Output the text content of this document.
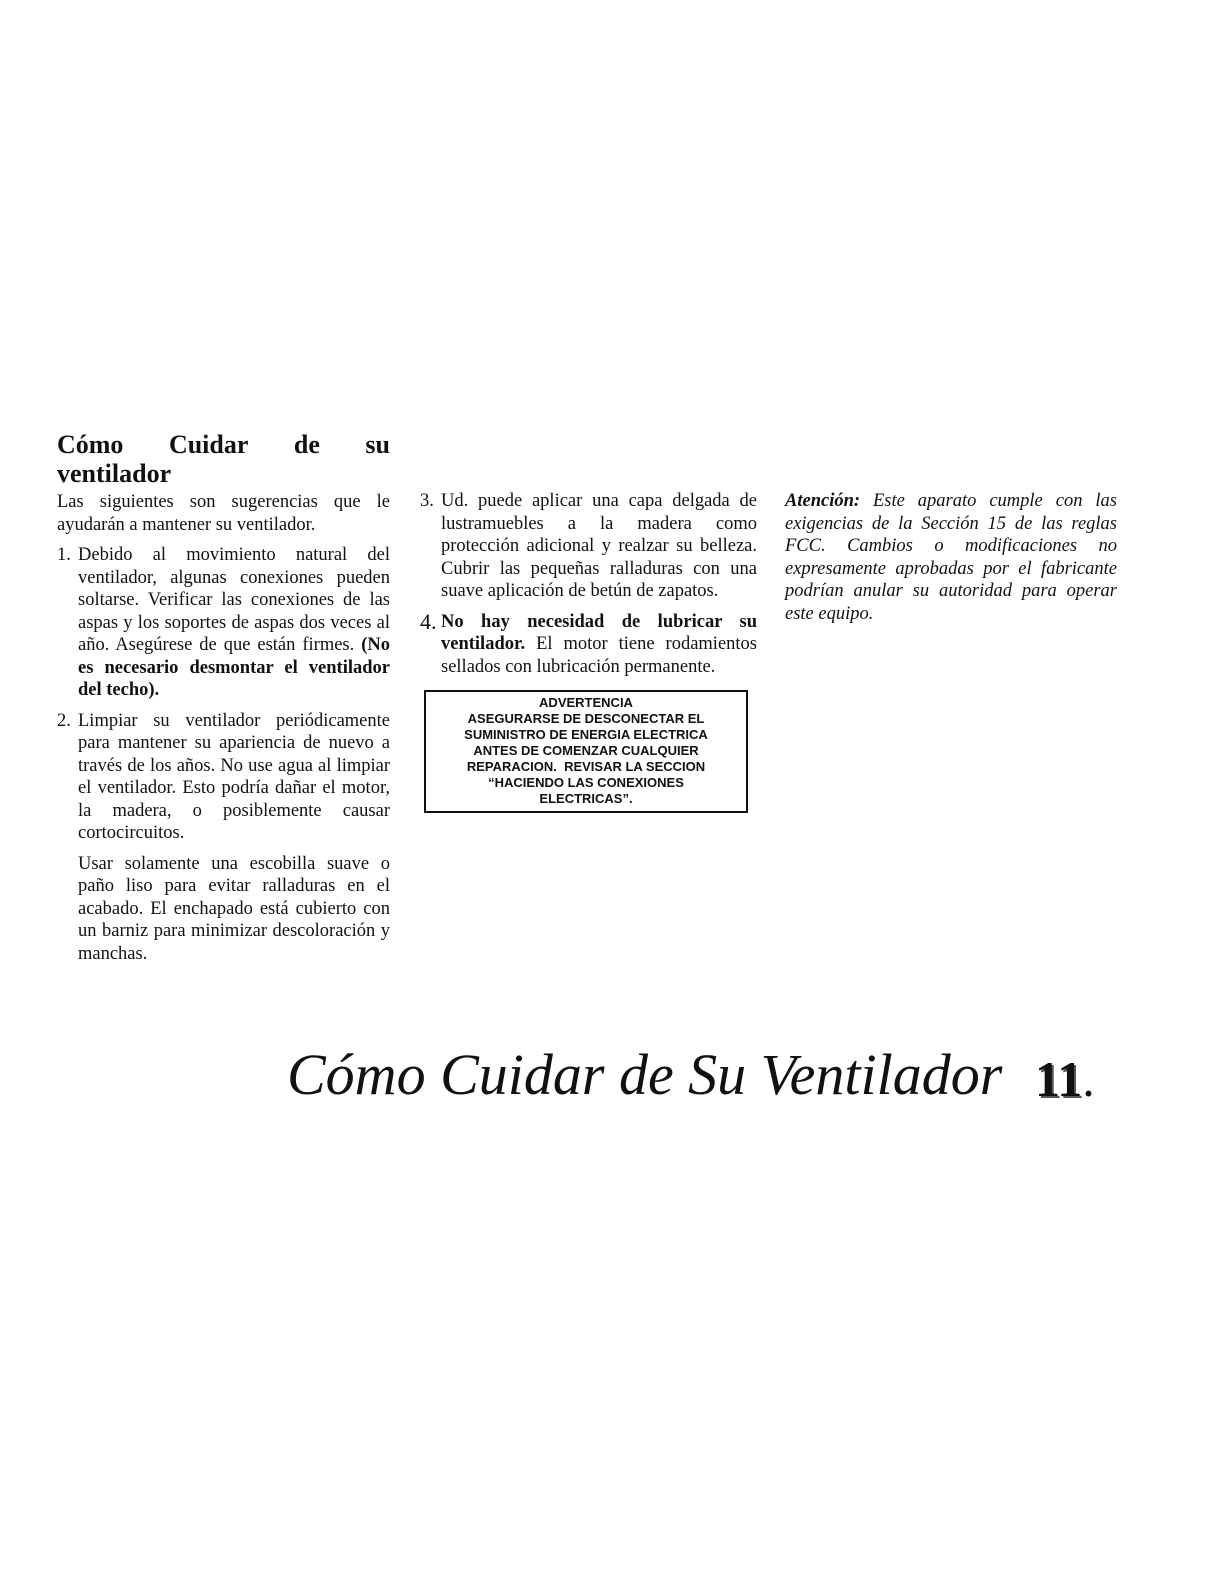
Cómo Cuidar de su
ventilador

Las siguientes son sugerencias que le ayudarán a mantener su ventilador.

1. Debido al movimiento natural del ventilador, algunas conexiones pueden soltarse. Verificar las conexiones de las aspas y los soportes de aspas dos veces al año. Asegúrese de que están firmes. (No es necesario desmontar el ventilador del techo).
2. Limpiar su ventilador periódicamente para mantener su apariencia de nuevo a través de los años. No use agua al limpiar el ventilador. Esto podría dañar el motor, la madera, o posiblemente causar cortocircuitos.
Usar solamente una escobilla suave o paño liso para evitar ralladuras en el acabado. El enchapado está cubierto con un barniz para minimizar descoloración y manchas.
3. Ud. puede aplicar una capa delgada de lustramuebles a la madera como protección adicional y realzar su belleza. Cubrir las pequeñas ralladuras con una suave aplicación de betún de zapatos.
4. No hay necesidad de lubricar su ventilador. El motor tiene rodamientos sellados con lubricación permanente.
ADVERTENCIA
ASEGURARSE DE DESCONECTAR EL
SUMINISTRO DE ENERGIA ELECTRICA
ANTES DE COMENZAR CUALQUIER
REPARACION.  REVISAR LA SECCION
“HACIENDO LAS CONEXIONES
ELECTRICAS”.

Atención: Este aparato cumple con las exigencias de la Sección 15 de las reglas FCC. Cambios o modificaciones no expresamente aprobadas por el fabricante podrían anular su autoridad para operar este equipo.

Cómo Cuidar de Su Ventilador 11.
